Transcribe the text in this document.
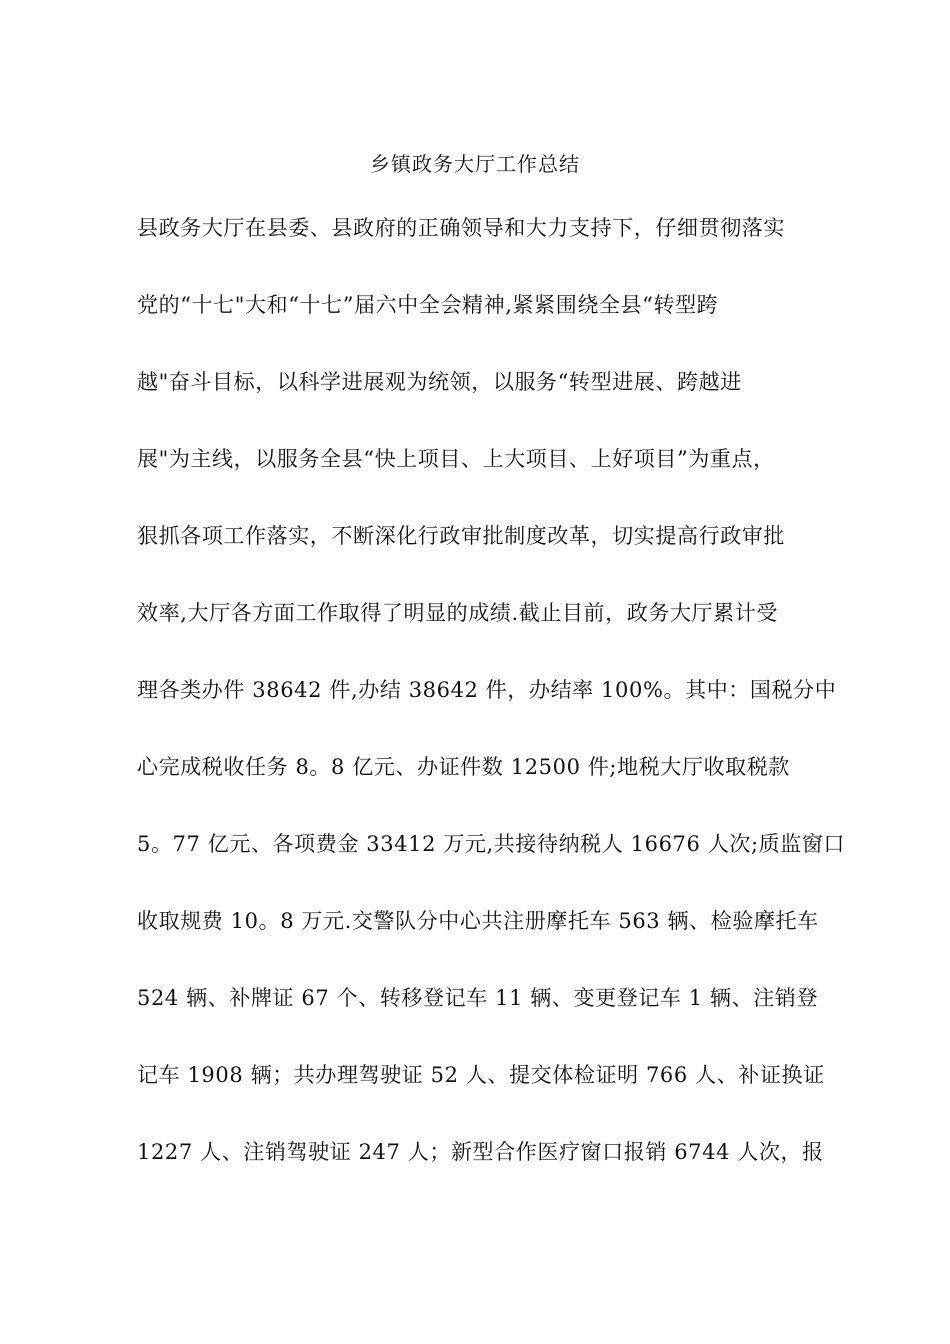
乡镇政务大厅工作总结
县政务大厅在县委、县政府的正确领导和大力支持下，仔细贯彻落实
党的“十七"大和“十七”届六中全会精神,紧紧围绕全县“转型跨
越"奋斗目标，以科学进展观为统领，以服务“转型进展、跨越进
展"为主线，以服务全县“快上项目、上大项目、上好项目”为重点，
狠抓各项工作落实，不断深化行政审批制度改革，切实提高行政审批
效率,大厅各方面工作取得了明显的成绩.截止目前，政务大厅累计受
理各类办件 38642 件,办结 38642 件，办结率 100%。其中：国税分中
心完成税收任务 8。8 亿元、办证件数 12500 件;地税大厅收取税款
5。77 亿元、各项费金 33412 万元,共接待纳税人 16676 人次;质监窗口
收取规费 10。8 万元.交警队分中心共注册摩托车 563 辆、检验摩托车
524 辆、补牌证 67 个、转移登记车 11 辆、变更登记车 1 辆、注销登
记车 1908 辆；共办理驾驶证 52 人、提交体检证明 766 人、补证换证
1227 人、注销驾驶证 247 人；新型合作医疗窗口报销 6744 人次，报
